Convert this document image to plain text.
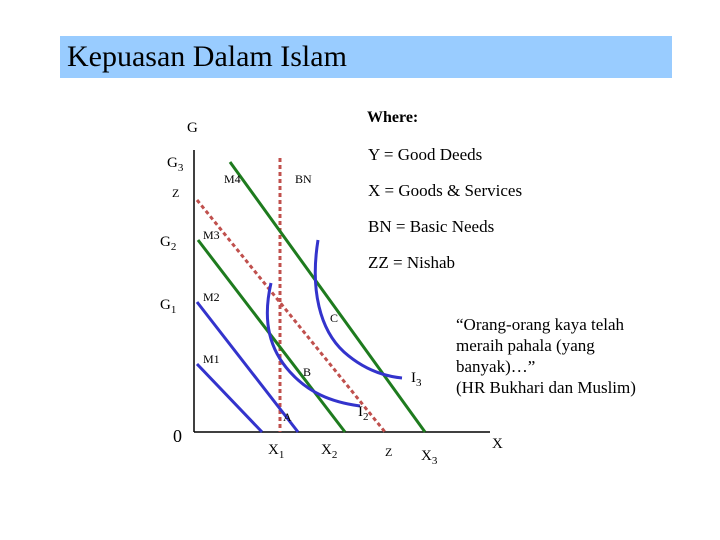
Kepuasan Dalam Islam
G
$G_3$
Z
$G_2$
$G_1$
0
$X_1$ $X_2$	Z $X_3$
X
M4	BN
M3
M2
C
M1
B
A
$I_3$
$I_2$
Where:
Y = Good Deeds
X = Goods & Services
BN = Basic Needs
ZZ = Nishab
“Orang-orang kaya telah
meraih pahala (yang
banyak)…”
(HR Bukhari dan Muslim)
